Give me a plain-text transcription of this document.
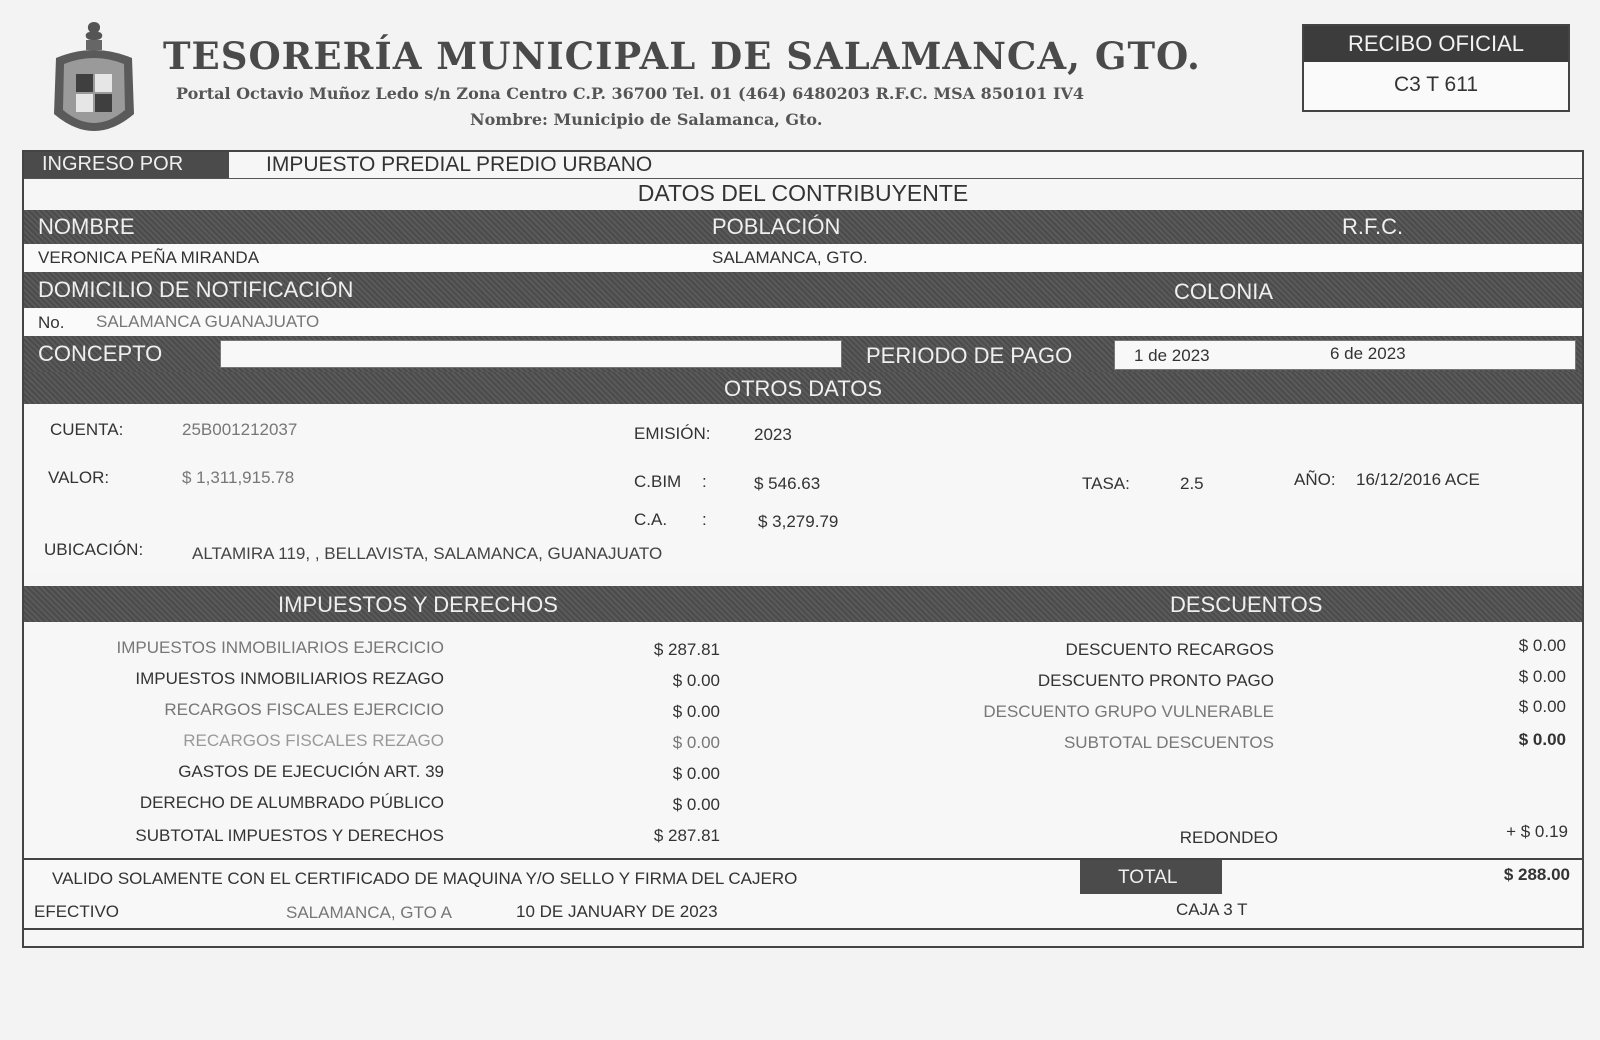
TESORERÍA MUNICIPAL DE SALAMANCA, GTO.
Portal Octavio Muñoz Ledo s/n Zona Centro C.P. 36700 Tel. 01 (464) 6480203 R.F.C. MSA 850101 IV4
Nombre: Municipio de Salamanca, Gto.
RECIBO OFICIAL
C3 T 611
INGRESO POR	IMPUESTO PREDIAL PREDIO URBANO
DATOS DEL CONTRIBUYENTE
NOMBRE	POBLACIÓN	R.F.C.
VERONICA PEÑA MIRANDA	SALAMANCA, GTO.
DOMICILIO DE NOTIFICACIÓN	COLONIA
No. SALAMANCA GUANAJUATO
CONCEPTO	PERIODO DE PAGO	1 de 2023	6 de 2023
OTROS DATOS
CUENTA:	25B001212037	EMISIÓN:	2023
VALOR:	$ 1,311,915.78	C.BIM :	$ 546.63	TASA:	2.5	AÑO: 16/12/2016 ACE
C.A. :	$ 3,279.79
UBICACIÓN:	ALTAMIRA 119, , BELLAVISTA, SALAMANCA, GUANAJUATO
IMPUESTOS Y DERECHOS	DESCUENTOS
IMPUESTOS INMOBILIARIOS EJERCICIO	$ 287.81
IMPUESTOS INMOBILIARIOS REZAGO	$ 0.00
RECARGOS FISCALES EJERCICIO	$ 0.00
RECARGOS FISCALES REZAGO	$ 0.00
GASTOS DE EJECUCIÓN ART. 39	$ 0.00
DERECHO DE ALUMBRADO PÚBLICO	$ 0.00
SUBTOTAL IMPUESTOS Y DERECHOS	$ 287.81
DESCUENTO RECARGOS	$ 0.00
DESCUENTO PRONTO PAGO	$ 0.00
DESCUENTO GRUPO VULNERABLE	$ 0.00
SUBTOTAL DESCUENTOS	$ 0.00
REDONDEO	+ $ 0.19
VALIDO SOLAMENTE CON EL CERTIFICADO DE MAQUINA Y/O SELLO Y FIRMA DEL CAJERO	TOTAL	$ 288.00
EFECTIVO	SALAMANCA, GTO A	10 DE JANUARY DE 2023	CAJA 3 T
